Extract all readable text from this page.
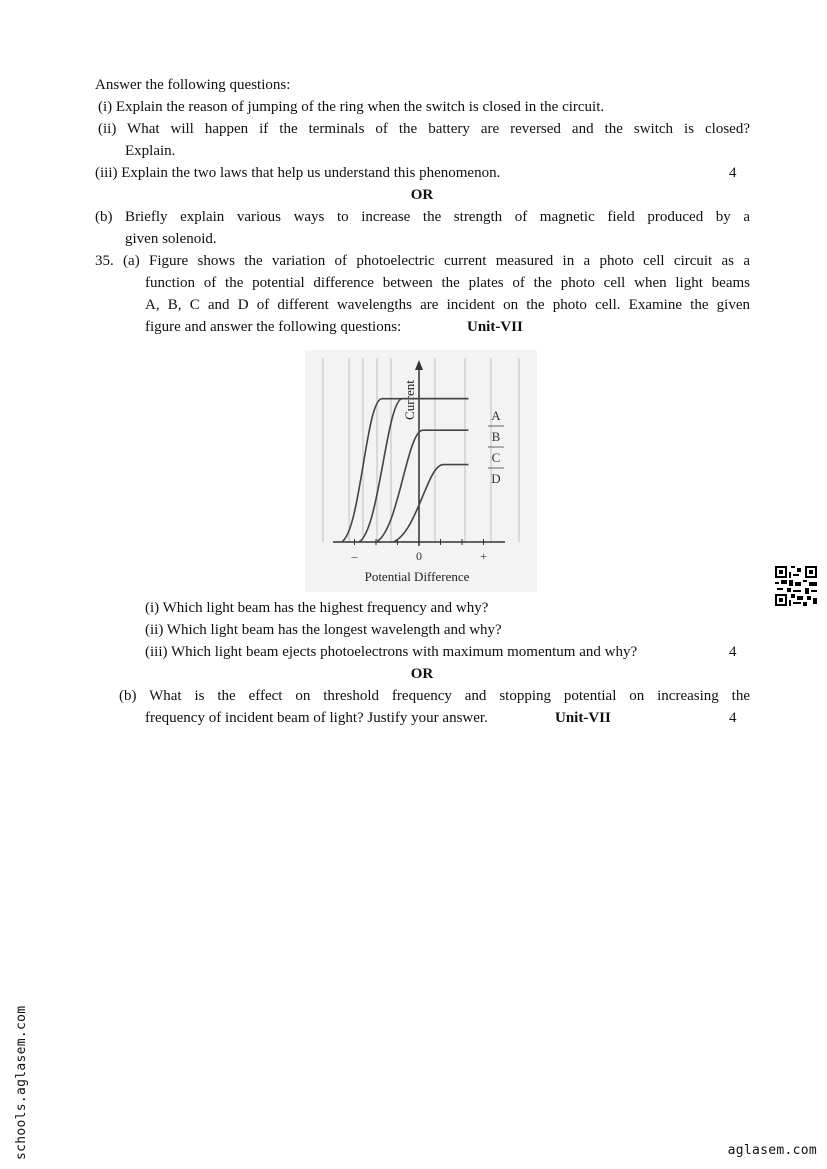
Answer the following questions:
(i) Explain the reason of jumping of the ring when the switch is closed in the circuit.
(ii) What will happen if the terminals of the battery are reversed and the switch is closed?
Explain.
(iii) Explain the two laws that help us understand this phenomenon.	4
OR
(b) Briefly explain various ways to increase the strength of magnetic field produced by a
given solenoid.
35. (a) Figure shows the variation of photoelectric current measured in a photo cell circuit as a
function of the potential difference between the plates of the photo cell when light beams
A, B, C and D of different wavelengths are incident on the photo cell. Examine the given
figure and answer the following questions:	Unit-VII
–	0	+
Potential Difference
Current	A
B
C
D
(i) Which light beam has the highest frequency and why?
(ii) Which light beam has the longest wavelength and why?
(iii) Which light beam ejects photoelectrons with maximum momentum and why?	4
OR
(b) What is the effect on threshold frequency and stopping potential on increasing the
frequency of incident beam of light? Justify your answer.	Unit-VII	4
schools.aglasem.com	aglasem.com
